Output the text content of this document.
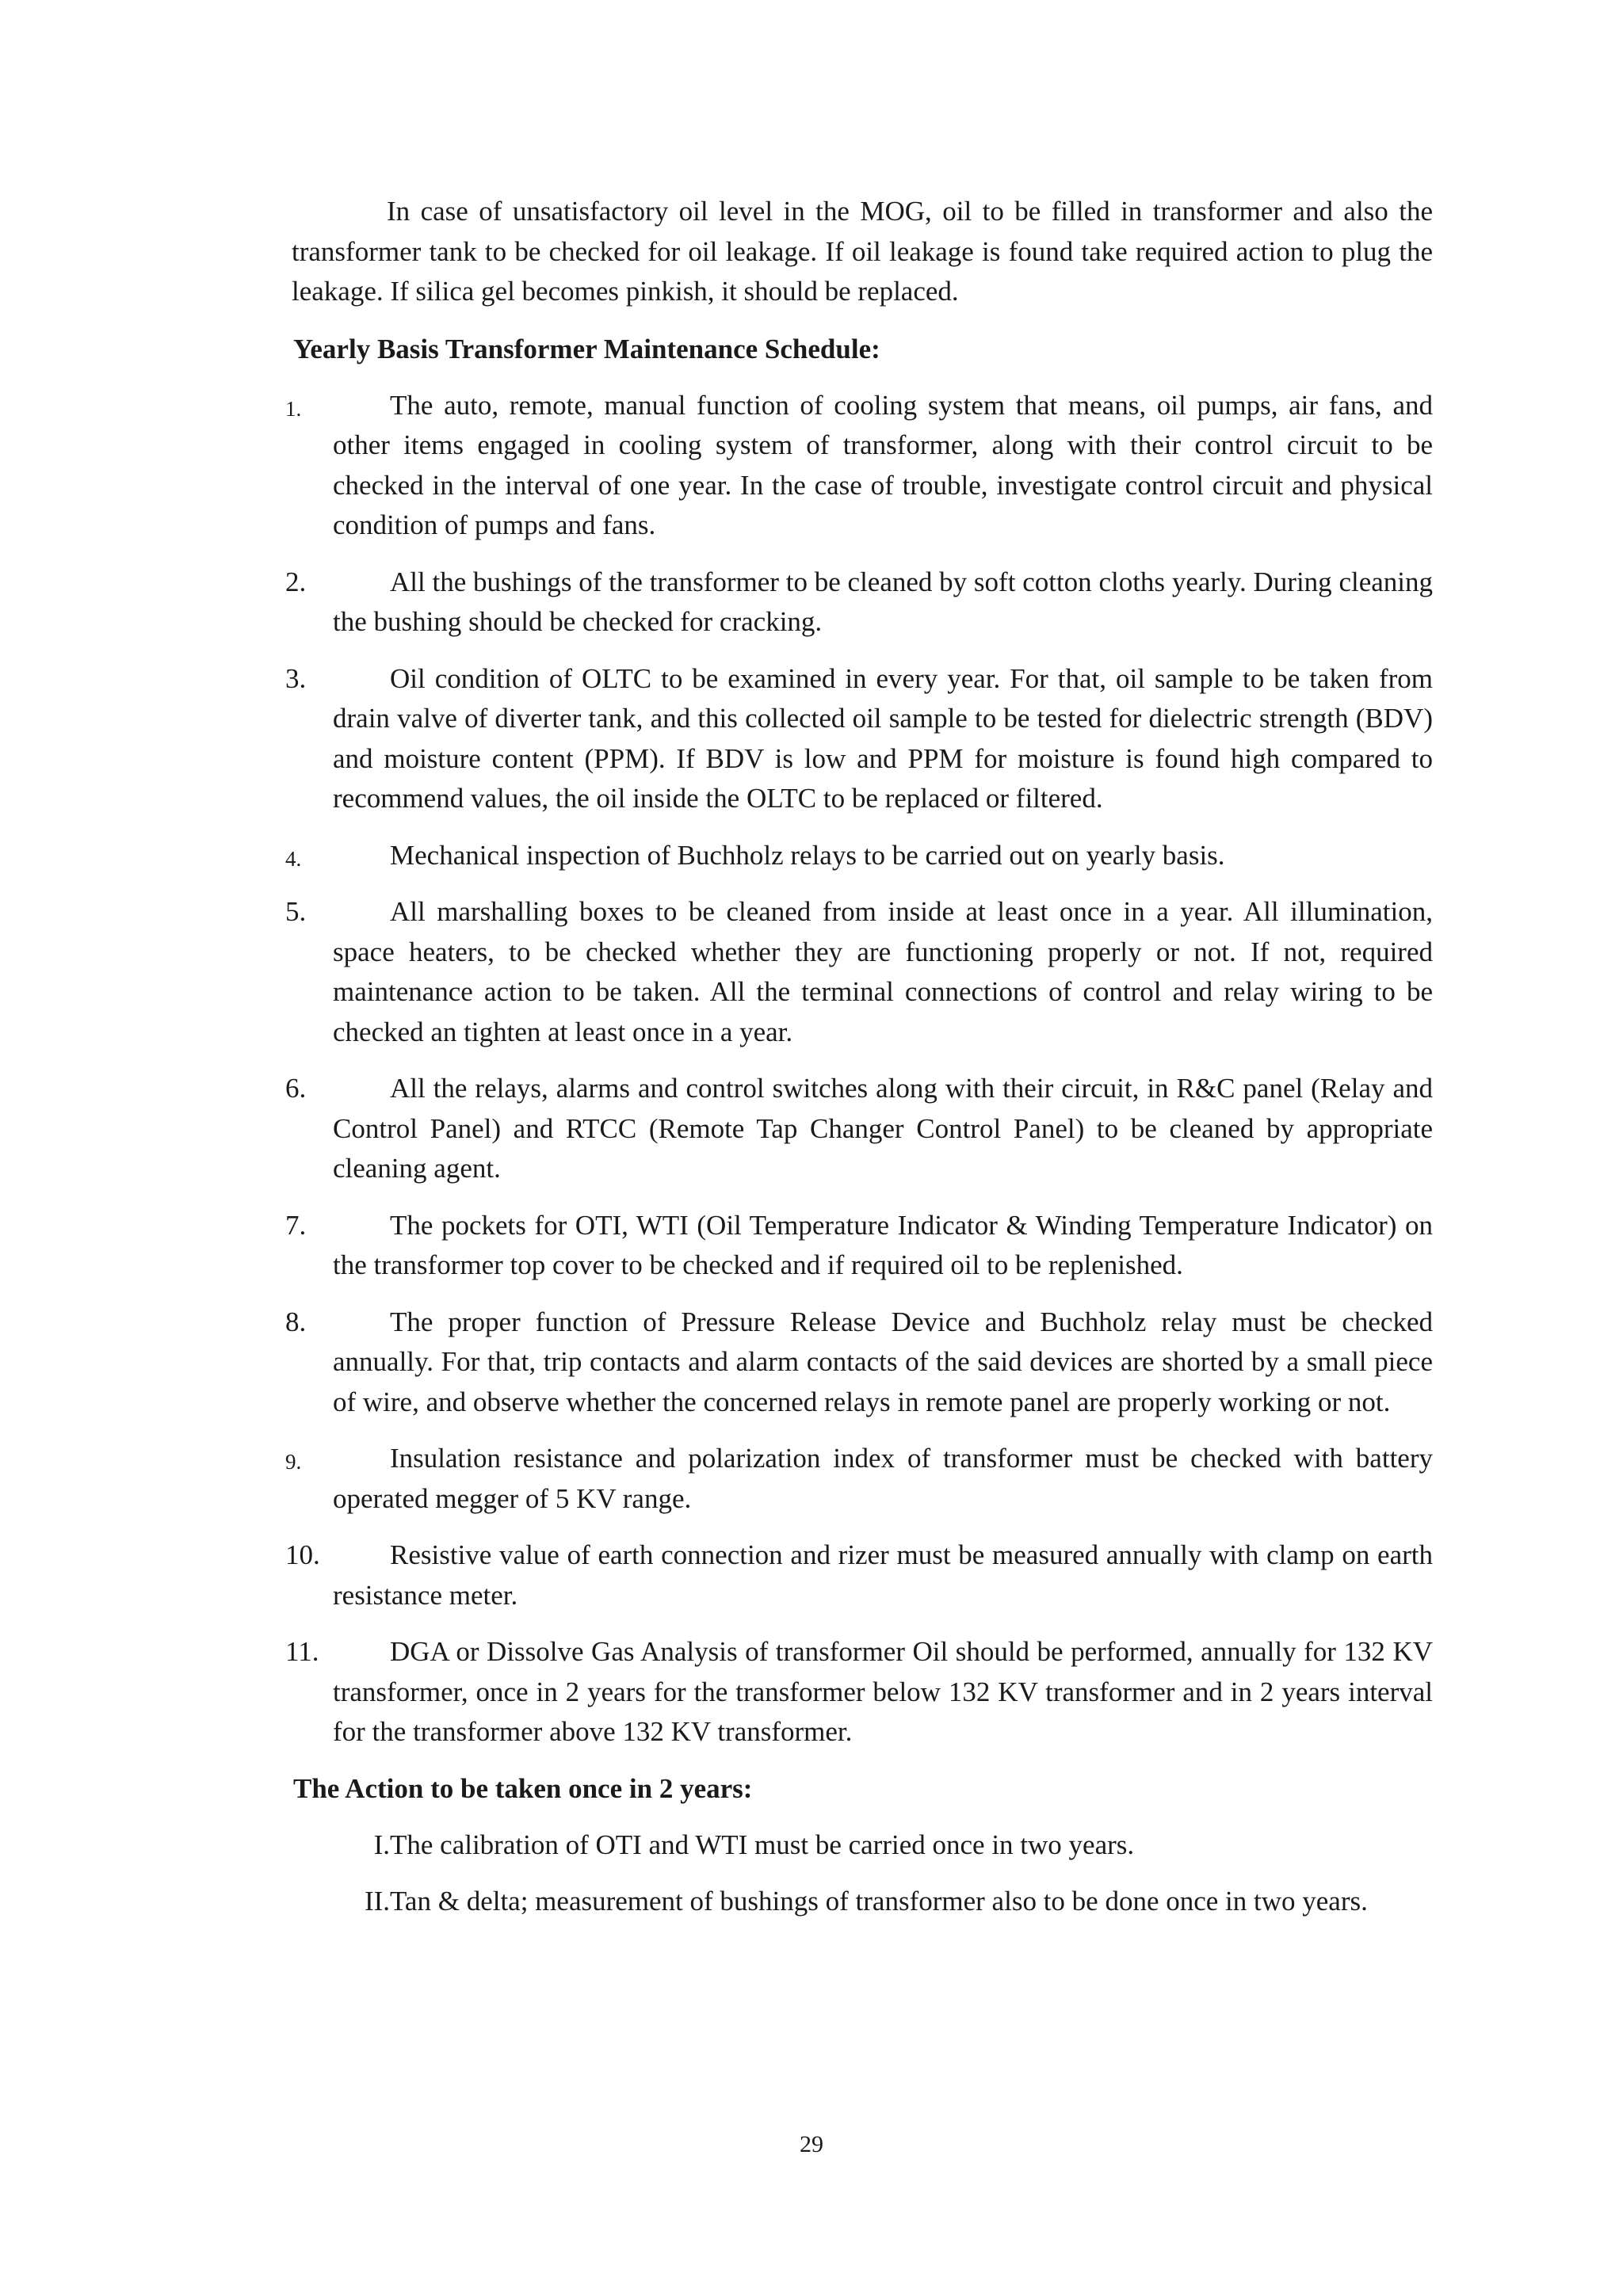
In case of unsatisfactory oil level in the MOG, oil to be filled in transformer and also the transformer tank to be checked for oil leakage. If oil leakage is found take required action to plug the leakage. If silica gel becomes pinkish, it should be replaced.

Yearly Basis Transformer Maintenance Schedule:

1.	The auto, remote, manual function of cooling system that means, oil pumps, air fans, and other items engaged in cooling system of transformer, along with their control circuit to be checked in the interval of one year. In the case of trouble, investigate control circuit and physical condition of pumps and fans.

2.	All the bushings of the transformer to be cleaned by soft cotton cloths yearly. During cleaning the bushing should be checked for cracking.

3.	Oil condition of OLTC to be examined in every year. For that, oil sample to be taken from drain valve of diverter tank, and this collected oil sample to be tested for dielectric strength (BDV) and moisture content (PPM). If BDV is low and PPM for moisture is found high compared to recommend values, the oil inside the OLTC to be replaced or filtered.

4.	Mechanical inspection of Buchholz relays to be carried out on yearly basis.

5.	All marshalling boxes to be cleaned from inside at least once in a year. All illumination, space heaters, to be checked whether they are functioning properly or not. If not, required maintenance action to be taken. All the terminal connections of control and relay wiring to be checked an tighten at least once in a year.

6.	All the relays, alarms and control switches along with their circuit, in R&C panel (Relay and Control Panel) and RTCC (Remote Tap Changer Control Panel) to be cleaned by appropriate cleaning agent.

7.	The pockets for OTI, WTI (Oil Temperature Indicator & Winding Temperature Indicator) on the transformer top cover to be checked and if required oil to be replenished.

8.	The proper function of Pressure Release Device and Buchholz relay must be checked annually. For that, trip contacts and alarm contacts of the said devices are shorted by a small piece of wire, and observe whether the concerned relays in remote panel are properly working or not.

9.	Insulation resistance and polarization index of transformer must be checked with battery operated megger of 5 KV range.

10.	Resistive value of earth connection and rizer must be measured annually with clamp on earth resistance meter.

11.	DGA or Dissolve Gas Analysis of transformer Oil should be performed, annually for 132 KV transformer, once in 2 years for the transformer below 132 KV transformer and in 2 years interval for the transformer above 132 KV transformer.

The Action to be taken once in 2 years:

I. The calibration of OTI and WTI must be carried once in two years.

II. Tan & delta; measurement of bushings of transformer also to be done once in two years.

29
